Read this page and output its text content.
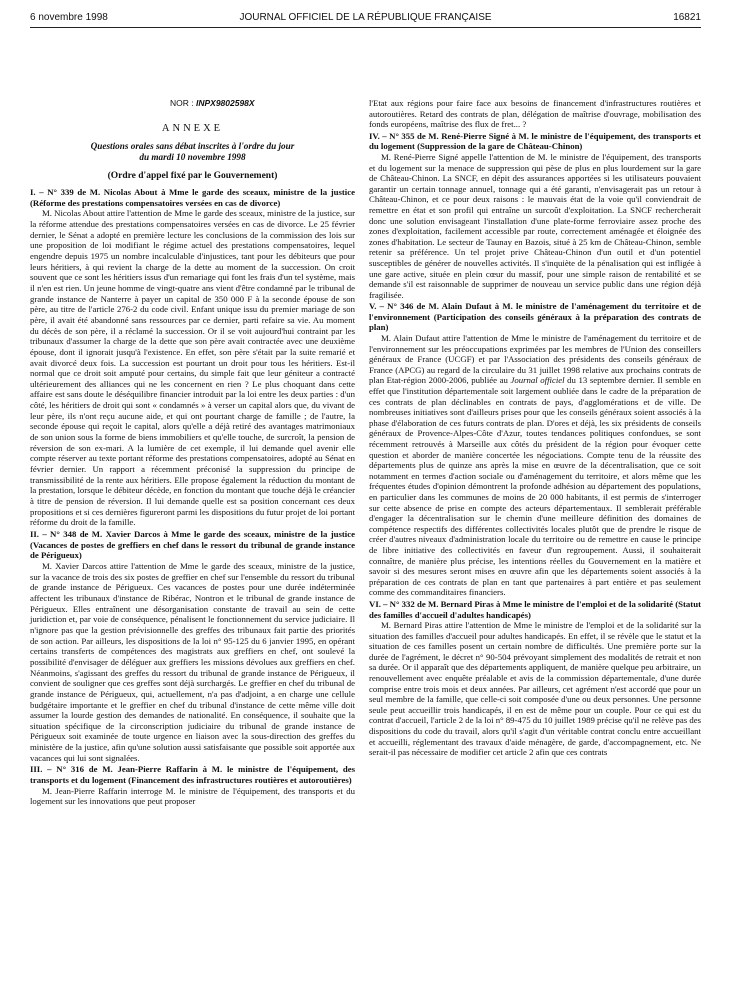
6 novembre 1998	JOURNAL OFFICIEL DE LA RÉPUBLIQUE FRANÇAISE	16821
NOR : INPX9802598X
ANNEXE
Questions orales sans débat inscrites à l'ordre du jour
du mardi 10 novembre 1998
(Ordre d'appel fixé par le Gouvernement)

I. – N° 339 de M. Nicolas About à Mme le garde des sceaux, ministre de la justice (Réforme des prestations compensatoires versées en cas de divorce)

M. Nicolas About attire l'attention de Mme le garde des sceaux, ministre de la justice, sur la réforme attendue des prestations compensatoires versées en cas de divorce. Le 25 février dernier, le Sénat a adopté en première lecture les conclusions de la commission des lois sur une proposition de loi modifiant le régime actuel des prestations compensatoires, lequel engendre depuis 1975 un nombre incalculable d'injustices, tant pour les débiteurs que pour leurs héritiers, à qui revient la charge de la dette au moment de la succession. On croit souvent que ce sont les héritiers issus d'un remariage qui font les frais d'un tel système, mais il n'en est rien. Un jeune homme de vingt-quatre ans vient d'être condamné par le tribunal de grande instance de Nanterre à payer un capital de 350 000 F à la seconde épouse de son père, au titre de l'article 276-2 du code civil. Enfant unique issu du premier mariage de son père, il avait été abandonné sans ressources par ce dernier, parti refaire sa vie. Au moment du décès de son père, il a réclamé la succession. Or il se voit aujourd'hui contraint par les tribunaux d'assumer la charge de la dette que son père avait contractée avec une deuxième épouse, dont il ignorait jusqu'à l'existence. En effet, son père s'était par la suite remarié et avait divorcé deux fois. La succession est pourtant un droit pour tous les héritiers. Est-il normal que ce droit soit amputé pour certains, du simple fait que leur géniteur a contracté ultérieurement des alliances qui ne les concernent en rien ? Le plus choquant dans cette affaire est sans doute le déséquilibre financier introduit par la loi entre les deux parties : d'un côté, les héritiers de droit qui sont « condamnés » à verser un capital alors que, du vivant de leur père, ils n'ont reçu aucune aide, et qui ont pourtant charge de famille ; de l'autre, la seconde épouse qui reçoit le capital, alors qu'elle a déjà retiré des avantages matrimoniaux de son union sous la forme de biens immobiliers et qu'elle touche, de surcroît, la pension de réversion de son ex-mari. A la lumière de cet exemple, il lui demande quel avenir elle compte réserver au texte portant réforme des prestations compensatoires, adopté au Sénat en février dernier. Un rapport a récemment préconisé la suppression du principe de transmissibilité de la rente aux héritiers. Elle propose également la réduction du montant de la prestation, lorsque le débiteur décède, en fonction du montant que touche déjà le créancier à titre de pension de réversion. Il lui demande quelle est sa position concernant ces deux propositions et si ces dernières figureront parmi les dispositions du futur projet de loi portant réforme du droit de la famille.

II. – N° 348 de M. Xavier Darcos à Mme le garde des sceaux, ministre de la justice (Vacances de postes de greffiers en chef dans le ressort du tribunal de grande instance de Périgueux)

M. Xavier Darcos attire l'attention de Mme le garde des sceaux, ministre de la justice, sur la vacance de trois des six postes de greffier en chef sur l'ensemble du ressort du tribunal de grande instance de Périgueux. Ces vacances de postes pour une durée indéterminée affectent les tribunaux d'instance de Ribérac, Nontron et le tribunal de grande instance de Périgueux. Elles entraînent une désorganisation constante de travail au sein de cette juridiction et, par voie de conséquence, pénalisent le fonctionnement du service judiciaire. Il n'ignore pas que la gestion prévisionnelle des greffes des tribunaux fait partie des priorités de son action. Par ailleurs, les dispositions de la loi n° 95-125 du 6 janvier 1995, en opérant certains transferts de compétences des magistrats aux greffiers en chef, ont soulevé la possibilité d'envisager de déléguer aux greffiers les missions dévolues aux greffiers en chef. Néanmoins, s'agissant des greffes du ressort du tribunal de grande instance de Périgueux, il convient de souligner que ces greffes sont déjà surchargés. Le greffier en chef du tribunal de grande instance de Périgueux, qui, actuellement, n'a pas d'adjoint, a en charge une cellule budgétaire importante et le greffier en chef du tribunal d'instance de cette même ville doit assumer la lourde gestion des demandes de nationalité. En conséquence, il souhaite que la situation spécifique de la circonscription judiciaire du tribunal de grande instance de Périgueux soit examinée de toute urgence en liaison avec la sous-direction des greffes du ministère de la justice, afin qu'une solution aussi satisfaisante que possible soit apportée aux vacances qui lui sont signalées.

III. – N° 316 de M. Jean-Pierre Raffarin à M. le ministre de l'équipement, des transports et du logement (Financement des infrastructures routières et autoroutières)

M. Jean-Pierre Raffarin interroge M. le ministre de l'équipement, des transports et du logement sur les innovations que peut proposer

l'Etat aux régions pour faire face aux besoins de financement d'infrastructures routières et autoroutières. Retard des contrats de plan, délégation de maîtrise d'ouvrage, mobilisation des fonds européens, maîtrise des flux de fret... ?

IV. – N° 355 de M. René-Pierre Signé à M. le ministre de l'équipement, des transports et du logement (Suppression de la gare de Château-Chinon)

M. René-Pierre Signé appelle l'attention de M. le ministre de l'équipement, des transports et du logement sur la menace de suppression qui pèse de plus en plus lourdement sur la gare de Château-Chinon. La SNCF, en dépit des assurances apportées si les utilisateurs pouvaient garantir un certain tonnage annuel, tonnage qui a été garanti, n'envisagerait pas un retour à Château-Chinon, et ce pour deux raisons : le mauvais état de la voie qu'il conviendrait de remettre en état et son profil qui entraîne un surcoût d'exploitation. La SNCF rechercherait donc une solution envisageant l'installation d'une plate-forme ferroviaire assez proche des zones d'exploitation, facilement accessible par route, correctement aménagée et éloignée des zones d'habitation. Le secteur de Taunay en Bazois, situé à 25 km de Château-Chinon, semble retenir sa préférence. Un tel projet prive Château-Chinon d'un outil et d'un potentiel susceptibles de générer de nouvelles activités. Il s'inquiète de la pénalisation qui est infligée à une gare active, située en plein cœur du massif, pour une simple raison de rentabilité et se demande s'il est raisonnable de supprimer de nouveau un service public dans une région déjà fragilisée.

V. – N° 346 de M. Alain Dufaut à M. le ministre de l'aménagement du territoire et de l'environnement (Participation des conseils généraux à la préparation des contrats de plan)

M. Alain Dufaut attire l'attention de Mme le ministre de l'aménagement du territoire et de l'environnement sur les préoccupations exprimées par les membres de l'Union des conseillers généraux de France (UCGF) et par l'Association des présidents des conseils généraux de France (APCG) au regard de la circulaire du 31 juillet 1998 relative aux prochains contrats de plan Etat-région 2000-2006, publiée au Journal officiel du 13 septembre dernier. Il semble en effet que l'institution départementale soit largement oubliée dans le cadre de la préparation de ces contrats de plan déclinables en contrats de pays, d'agglomérations et de ville. De nombreuses initiatives sont d'ailleurs prises pour que les conseils généraux soient associés à la phase d'élaboration de ces futurs contrats de plan. D'ores et déjà, les six présidents de conseils généraux de Provence-Alpes-Côte d'Azur, toutes tendances politiques confondues, se sont récemment retrouvés à Marseille aux côtés du président de la région pour évoquer cette question et aborder de manière concertée les négociations. Compte tenu de la réussite des départements plus de quinze ans après la mise en œuvre de la décentralisation, que ce soit notamment en termes d'action sociale ou d'aménagement du territoire, et alors même que les fréquentes études d'opinion démontrent la profonde adhésion au département des populations, en particulier dans les communes de moins de 20 000 habitants, il est permis de s'interroger sur cette absence de prise en compte des acteurs départementaux. Il semblerait préférable d'engager la décentralisation sur le chemin d'une meilleure définition des domaines de compétence respectifs des différentes collectivités locales plutôt que de prendre le risque de créer d'autres niveaux d'administration locale du territoire ou de remettre en cause le principe de libre initiative des collectivités en faveur d'un regroupement. Aussi, il souhaiterait connaître, de manière plus précise, les intentions réelles du Gouvernement en la matière et savoir si des mesures seront mises en œuvre afin que les départements soient associés à la préparation de ces contrats de plan en tant que partenaires à part entière et pas seulement comme des commanditaires financiers.

VI. – N° 332 de M. Bernard Piras à Mme le ministre de l'emploi et de la solidarité (Statut des familles d'accueil d'adultes handicapés)

M. Bernard Piras attire l'attention de Mme le ministre de l'emploi et de la solidarité sur la situation des familles d'accueil pour adultes handicapés. En effet, il se révèle que le statut et la situation de ces familles posent un certain nombre de difficultés. Une première porte sur la durée de l'agrément, le décret n° 90-504 prévoyant simplement des modalités de retrait et non sa durée. Or il apparaît que des départements appliquent, de manière quelque peu arbitraire, un renouvellement avec enquête préalable et avis de la commission départementale, d'une durée comprise entre trois mois et deux années. Par ailleurs, cet agrément n'est accordé que pour un seul membre de la famille, que celle-ci soit composée d'une ou deux personnes. Une personne seule peut accueillir trois handicapés, il en est de même pour un couple. Pour ce qui est du contrat d'accueil, l'article 2 de la loi n° 89-475 du 10 juillet 1989 précise qu'il ne relève pas des dispositions du code du travail, alors qu'il s'agit d'un véritable contrat conclu entre accueillant et accueilli, réglementant des travaux d'aide ménagère, de garde, d'accompagnement, etc. Ne serait-il pas nécessaire de modifier cet article 2 afin que ces contrats
